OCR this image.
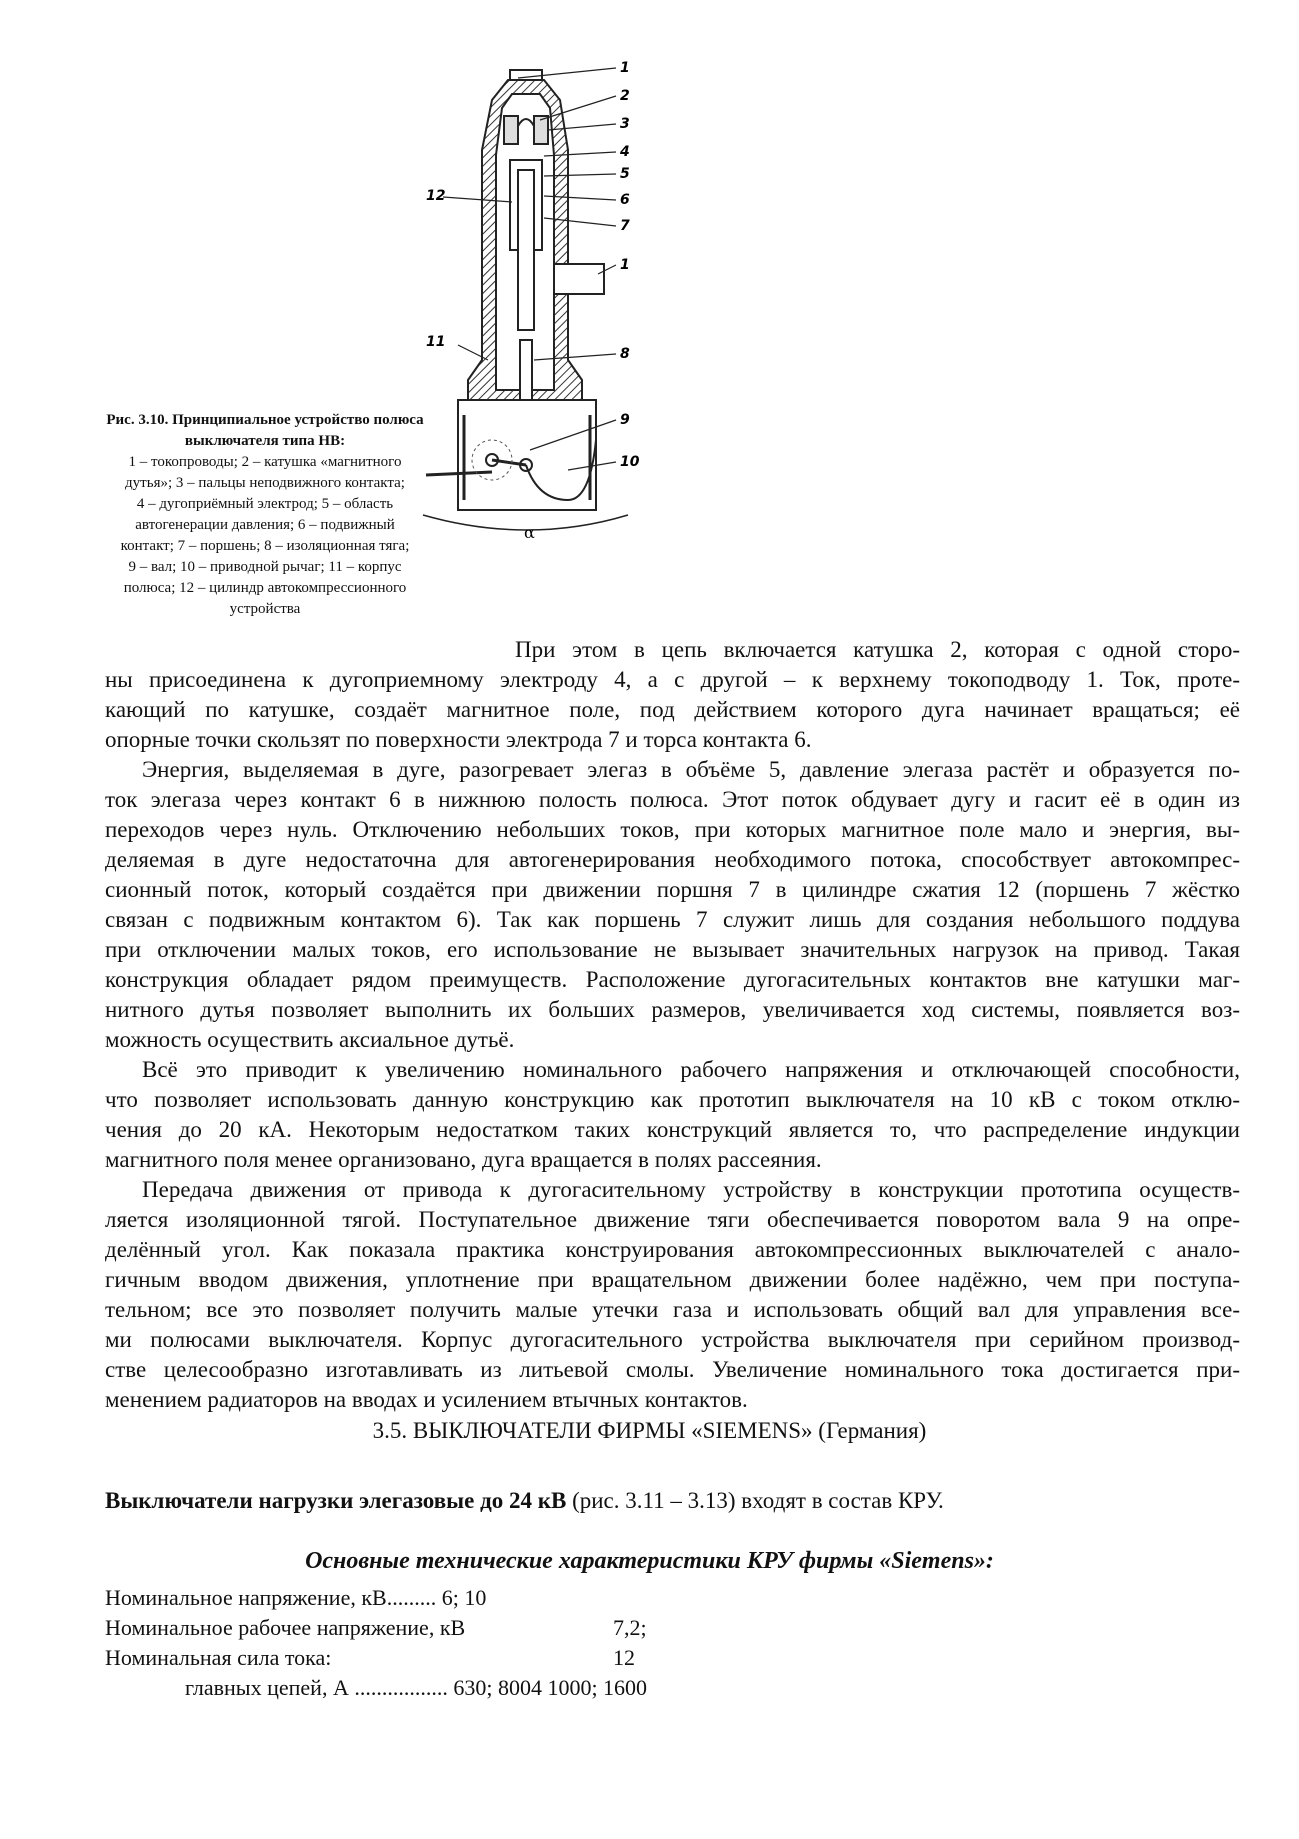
α
1
2
3
4
5
6
7
1
8
9
10
11
12
Рис. 3.10. Принципиальное устройство полюса выключателя типа НВ:
1 – токопроводы; 2 – катушка «магнитного
дутья»; 3 – пальцы неподвижного контакта;
4 – дугоприёмный электрод; 5 – область
автогенерации давления; 6 – подвижный
контакт; 7 – поршень; 8 – изоляционная тяга;
9 – вал; 10 – приводной рычаг; 11 – корпус
полюса; 12 – цилиндр автокомпрессионного
устройства
При этом в цепь включается катушка 2, которая с одной сторо-
ны присоединена к дугоприемному электроду 4, а с другой – к верхнему токоподводу 1. Ток, проте-
кающий по катушке, создаёт магнитное поле, под действием которого дуга начинает вращаться; её
опорные точки скользят по поверхности электрода 7 и торса контакта 6.
Энергия, выделяемая в дуге, разогревает элегаз в объёме 5, давление элегаза растёт и образуется по-
ток элегаза через контакт 6 в нижнюю полость полюса. Этот поток обдувает дугу и гасит её в один из
переходов через нуль. Отключению небольших токов, при которых магнитное поле мало и энергия, вы-
деляемая в дуге недостаточна для автогенерирования необходимого потока, способствует автокомпрес-
сионный поток, который создаётся при движении поршня 7 в цилиндре сжатия 12 (поршень 7 жёстко
связан с подвижным контактом 6). Так как поршень 7 служит лишь для создания небольшого поддува
при отключении малых токов, его использование не вызывает значительных нагрузок на привод. Такая
конструкция обладает рядом преимуществ. Расположение дугогасительных контактов вне катушки маг-
нитного дутья позволяет выполнить их больших размеров, увеличивается ход системы, появляется воз-
можность осуществить аксиальное дутьё.
Всё это приводит к увеличению номинального рабочего напряжения и отключающей способности,
что позволяет использовать данную конструкцию как прототип выключателя на 10 кВ с током отклю-
чения до 20 кА. Некоторым недостатком таких конструкций является то, что распределение индукции
магнитного поля менее организовано, дуга вращается в полях рассеяния.
Передача движения от привода к дугогасительному устройству в конструкции прототипа осуществ-
ляется изоляционной тягой. Поступательное движение тяги обеспечивается поворотом вала 9 на опре-
делённый угол. Как показала практика конструирования автокомпрессионных выключателей с анало-
гичным вводом движения, уплотнение при вращательном движении более надёжно, чем при поступа-
тельном; все это позволяет получить малые утечки газа и использовать общий вал для управления все-
ми полюсами выключателя. Корпус дугогасительного устройства выключателя при серийном производ-
стве целесообразно изготавливать из литьевой смолы. Увеличение номинального тока достигается при-
менением радиаторов на вводах и усилением втычных контактов.
3.5. ВЫКЛЮЧАТЕЛИ ФИРМЫ «SIEMENS» (Германия)
Выключатели нагрузки элегазовые до 24 кВ (рис. 3.11 – 3.13) входят в состав КРУ.
Основные технические характеристики КРУ фирмы «Siemens»:
Номинальное напряжение, кВ......... 6; 10
Номинальное рабочее напряжение, кВ	7,2; 12
Номинальная сила тока:
главных цепей, А ................. 630; 8004 1000; 1600
